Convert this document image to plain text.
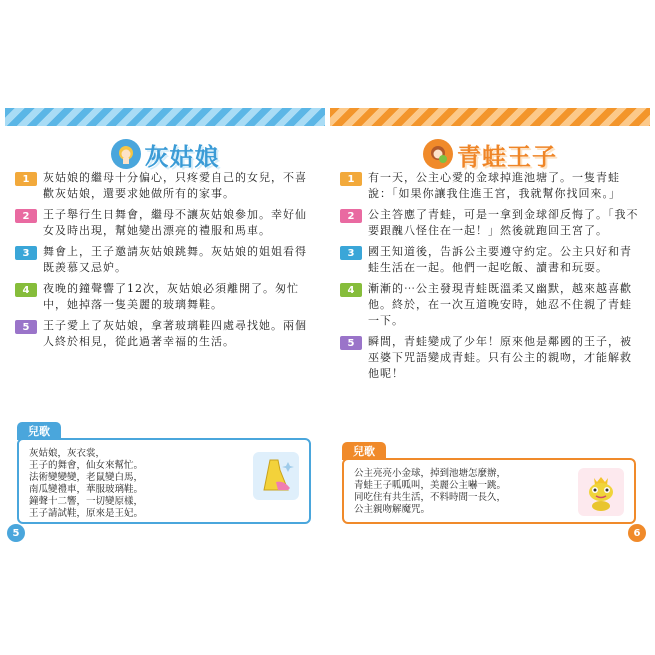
灰姑娘
1	灰姑娘的繼母十分偏心，只疼愛自己的女兒，不喜歡灰姑娘，還要求她做所有的家事。
2	王子舉行生日舞會，繼母不讓灰姑娘參加。幸好仙女及時出現，幫她變出漂亮的禮服和馬車。
3	舞會上，王子邀請灰姑娘跳舞。灰姑娘的姐姐看得既羨慕又忌妒。
4	夜晚的鐘聲響了12次，灰姑娘必須離開了。匆忙中，她掉落一隻美麗的玻璃舞鞋。
5	王子愛上了灰姑娘，拿著玻璃鞋四處尋找她。兩個人終於相見，從此過著幸福的生活。
兒歌
灰姑娘，灰衣裳，
王子的舞會，仙女來幫忙。
法術變變變，老鼠變白馬，
南瓜變禮車，華服玻璃鞋。
鐘聲十二響，一切變原樣，
王子請試鞋，原來是王妃。
5
青蛙王子
1	有一天，公主心愛的金球掉進池塘了。一隻青蛙說：「如果你讓我住進王宮，我就幫你找回來。」
2	公主答應了青蛙，可是一拿到金球卻反悔了。「我不要跟醜八怪住在一起！」然後就跑回王宮了。
3	國王知道後，告訴公主要遵守約定。公主只好和青蛙生活在一起。他們一起吃飯、讀書和玩耍。
4	漸漸的⋯公主發現青蛙既溫柔又幽默，越來越喜歡他。終於，在一次互道晚安時，她忍不住親了青蛙一下。
5	瞬間，青蛙變成了少年！原來他是鄰國的王子，被巫婆下咒語變成青蛙。只有公主的親吻，才能解救他呢！
兒歌
公主亮亮小金球，掉到池塘怎麼辦，
青蛙王子呱呱叫，美麗公主嚇一跳。
同吃住有共生活，不料時間一長久，
公主親吻解魔咒。
6
